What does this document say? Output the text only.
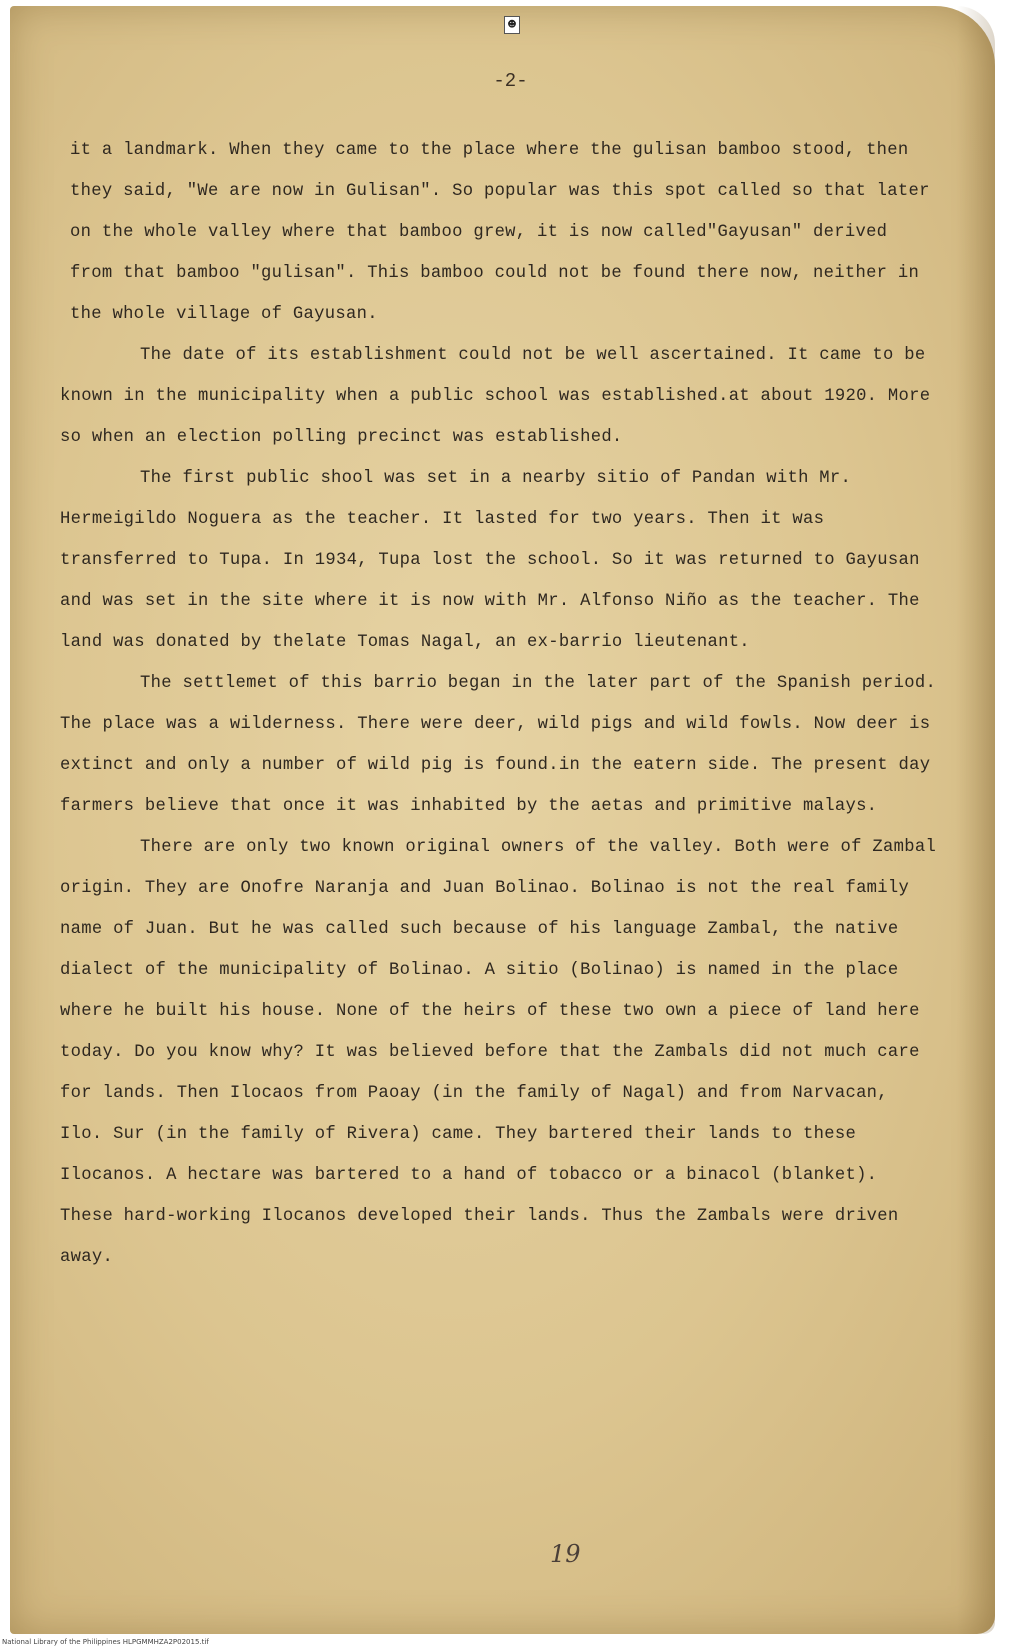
☻
-2-

it a landmark. When they came to the place where the gulisan bamboo stood, then they said, "We are now in Gulisan". So popular was this spot called so that later on the whole valley where that bamboo grew, it is now called"Gayusan" derived from that bamboo "gulisan". This bamboo could not be found there now, neither in the whole village of Gayusan.

The date of its establishment could not be well ascertained. It came to be known in the municipality when a public school was established.at about 1920. More so when an election polling precinct was established.

The first public shool was set in a nearby sitio of Pandan with Mr. Hermeigildo Noguera as the teacher. It lasted for two years. Then it was transferred to Tupa. In 1934, Tupa lost the school. So it was returned to Gayusan and was set in the site where it is now with Mr. Alfonso Niño as the teacher. The land was donated by thelate Tomas Nagal, an ex-barrio lieutenant.

The settlemet of this barrio began in the later part of the Spanish period. The place was a wilderness. There were deer, wild pigs and wild fowls. Now deer is extinct and only a number of wild pig is found.in the eatern side. The present day farmers believe that once it was inhabited by the aetas and primitive malays.

There are only two known original owners of the valley. Both were of Zambal origin. They are Onofre Naranja and Juan Bolinao. Bolinao is not the real family name of Juan. But he was called such because of his language Zambal, the native dialect of the municipality of Bolinao. A sitio (Bolinao) is named in the place where he built his house. None of the heirs of these two own a piece of land here today. Do you know why? It was believed before that the Zambals did not much care for lands. Then Ilocaos from Paoay (in the family of Nagal) and from Narvacan, Ilo. Sur (in the family of Rivera) came. They bartered their lands to these Ilocanos. A hectare was bartered to a hand of tobacco or a binacol (blanket). These hard-working Ilocanos developed their lands. Thus the Zambals were driven away.

19
National Library of the Philippines HLPGMMHZA2P02015.tif
